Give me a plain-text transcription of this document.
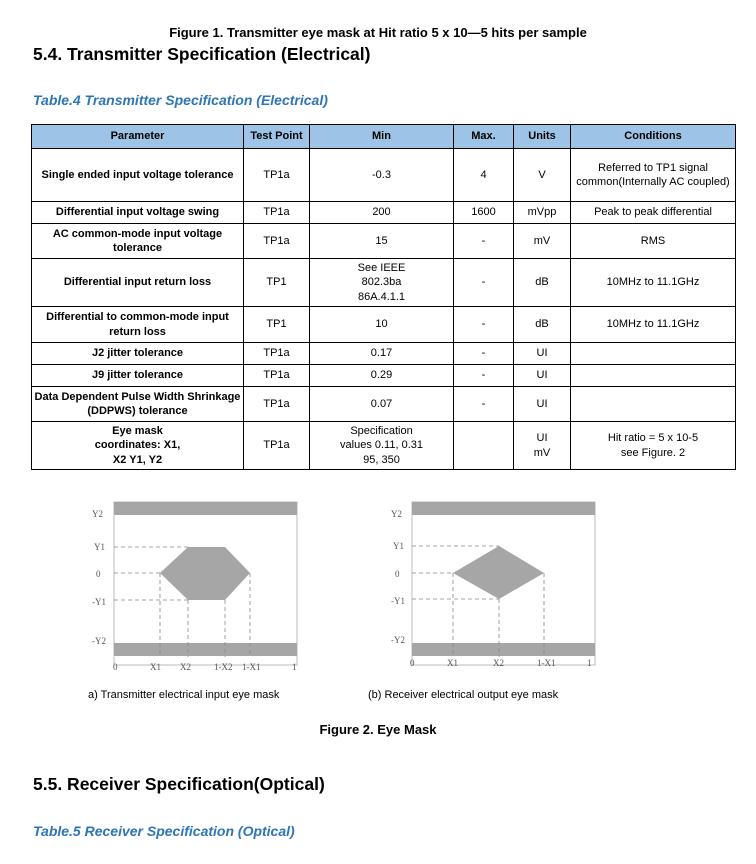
Figure 1. Transmitter eye mask at Hit ratio 5 x 10—5 hits per sample
5.4. Transmitter Specification (Electrical)
Table.4 Transmitter Specification (Electrical)
Parameter	Test Point	Min	Max.	Units	Conditions
Single ended input voltage tolerance	TP1a	-0.3	4	V	Referred to TP1 signal common(Internally AC coupled)
Differential input voltage swing	TP1a	200	1600	mVpp	Peak to peak differential
AC common-mode input voltage tolerance	TP1a	15	-	mV	RMS
Differential input return loss	TP1	See IEEE 802.3ba 86A.4.1.1	-	dB	10MHz to 11.1GHz
Differential to common-mode input return loss	TP1	10	-	dB	10MHz to 11.1GHz
J2 jitter tolerance	TP1a	0.17	-	UI	
J9 jitter tolerance	TP1a	0.29	-	UI	
Data Dependent Pulse Width Shrinkage (DDPWS) tolerance	TP1a	0.07	-	UI	
Eye mask coordinates: X1, X2 Y1, Y2	TP1a	Specification values 0.11, 0.31 95, 350		UI mV	Hit ratio = 5 x 10-5 see Figure. 2
Y2
Y1
0
-Y1
-Y2
0	X1 X2	1-X2 1-X1	1
a) Transmitter electrical input eye mask
Y2
Y1
0
-Y1
-Y2
0	X1	X2	1-X1	1
(b) Receiver electrical output eye mask
Figure 2. Eye Mask
5.5. Receiver Specification(Optical)
Table.5 Receiver Specification (Optical)
